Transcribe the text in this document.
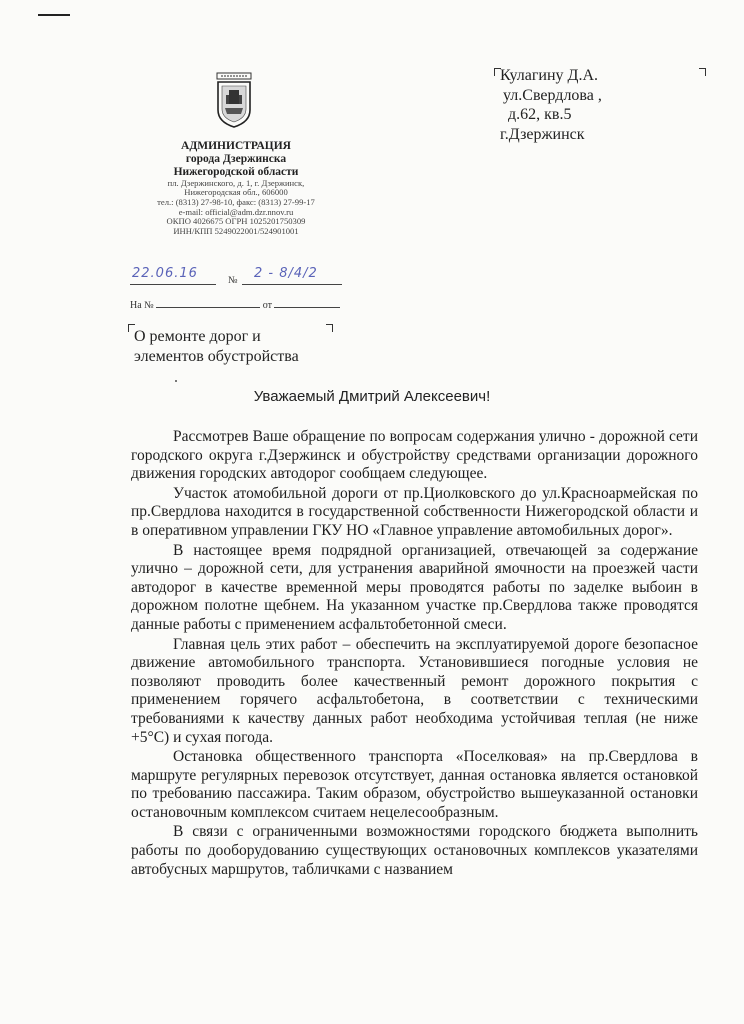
АДМИНИСТРАЦИЯ
города Дзержинска
Нижегородской области
пл. Дзержинского, д. 1, г. Дзержинск,
Нижегородская обл., 606000
тел.: (8313) 27-98-10, факс: (8313) 27-99-17
e-mail: official@adm.dzr.nnov.ru
ОКПО 4026675 ОГРН 1025201750309
ИНН/КПП 5249022001/524901001
Кулагину Д.А.
ул.Свердлова ,
д.62, кв.5
г.Дзержинск
22.06.16	№ 2 - 8/4/2
На №	от
О ремонте дорог и
элементов обустройства
Уважаемый Дмитрий Алексеевич!

Рассмотрев Ваше обращение по вопросам содержания улично - дорожной сети городского округа г.Дзержинск и обустройству средствами организации дорожного движения городских автодорог сообщаем следующее.

Участок атомобильной дороги от пр.Циолковского до ул.Красноармейская по пр.Свердлова находится в государственной собственности Нижегородской области и в оперативном управлении ГКУ НО «Главное управление автомобильных дорог».

В настоящее время подрядной организацией, отвечающей за содержание улично – дорожной сети, для устранения аварийной ямочности на проезжей части автодорог в качестве временной меры проводятся работы по заделке выбоин в дорожном полотне щебнем. На указанном участке пр.Свердлова также проводятся данные работы с применением асфальтобетонной смеси.

Главная цель этих работ – обеспечить на эксплуатируемой дороге безопасное движение автомобильного транспорта. Установившиеся погодные условия не позволяют проводить более качественный ремонт дорожного покрытия с применением горячего асфальтобетона, в соответствии с техническими требованиями к качеству данных работ необходима устойчивая теплая (не ниже +5°С) и сухая погода.

Остановка общественного транспорта «Поселковая» на пр.Свердлова в маршруте регулярных перевозок отсутствует, данная остановка является остановкой по требованию пассажира. Таким образом, обустройство вышеуказанной остановки остановочным комплексом считаем нецелесообразным.

В связи с ограниченными возможностями городского бюджета выполнить работы по дооборудованию существующих остановочных комплексов указателями автобусных маршрутов, табличками с названием
